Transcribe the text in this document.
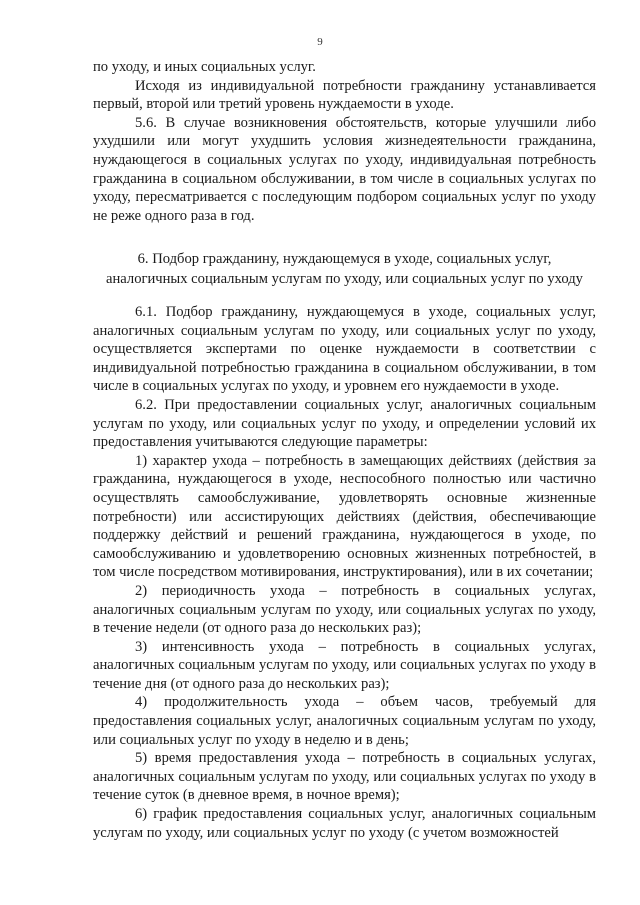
9

по уходу, и иных социальных услуг.

Исходя из индивидуальной потребности гражданину устанавливается первый, второй или третий уровень нуждаемости в уходе.

5.6. В случае возникновения обстоятельств, которые улучшили либо ухудшили или могут ухудшить условия жизнедеятельности гражданина, нуждающегося в социальных услугах по уходу, индивидуальная потребность гражданина в социальном обслуживании, в том числе в социальных услугах по уходу, пересматривается с последующим подбором социальных услуг по уходу не реже одного раза в год.

6. Подбор гражданину, нуждающемуся в уходе, социальных услуг,
аналогичных социальным услугам по уходу, или социальных услуг по уходу

6.1. Подбор гражданину, нуждающемуся в уходе, социальных услуг, аналогичных социальным услугам по уходу, или социальных услуг по уходу, осуществляется экспертами по оценке нуждаемости в соответствии с индивидуальной потребностью гражданина в социальном обслуживании, в том числе в социальных услугах по уходу, и уровнем его нуждаемости в уходе.

6.2. При предоставлении социальных услуг, аналогичных социальным услугам по уходу, или социальных услуг по уходу, и определении условий их предоставления учитываются следующие параметры:

1) характер ухода – потребность в замещающих действиях (действия за гражданина, нуждающегося в уходе, неспособного полностью или частично осуществлять самообслуживание, удовлетворять основные жизненные потребности) или ассистирующих действиях (действия, обеспечивающие поддержку действий и решений гражданина, нуждающегося в уходе, по самообслуживанию и удовлетворению основных жизненных потребностей, в том числе посредством мотивирования, инструктирования), или в их сочетании;

2) периодичность ухода – потребность в социальных услугах, аналогичных социальным услугам по уходу, или социальных услугах по уходу, в течение недели (от одного раза до нескольких раз);

3) интенсивность ухода – потребность в социальных услугах, аналогичных социальным услугам по уходу, или социальных услугах по уходу в течение дня (от одного раза до нескольких раз);

4) продолжительность ухода – объем часов, требуемый для предоставления социальных услуг, аналогичных социальным услугам по уходу, или социальных услуг по уходу в неделю и в день;

5) время предоставления ухода – потребность в социальных услугах, аналогичных социальным услугам по уходу, или социальных услугах по уходу в течение суток (в дневное время, в ночное время);

6) график предоставления социальных услуг, аналогичных социальным услугам по уходу, или социальных услуг по уходу (с учетом возможностей
